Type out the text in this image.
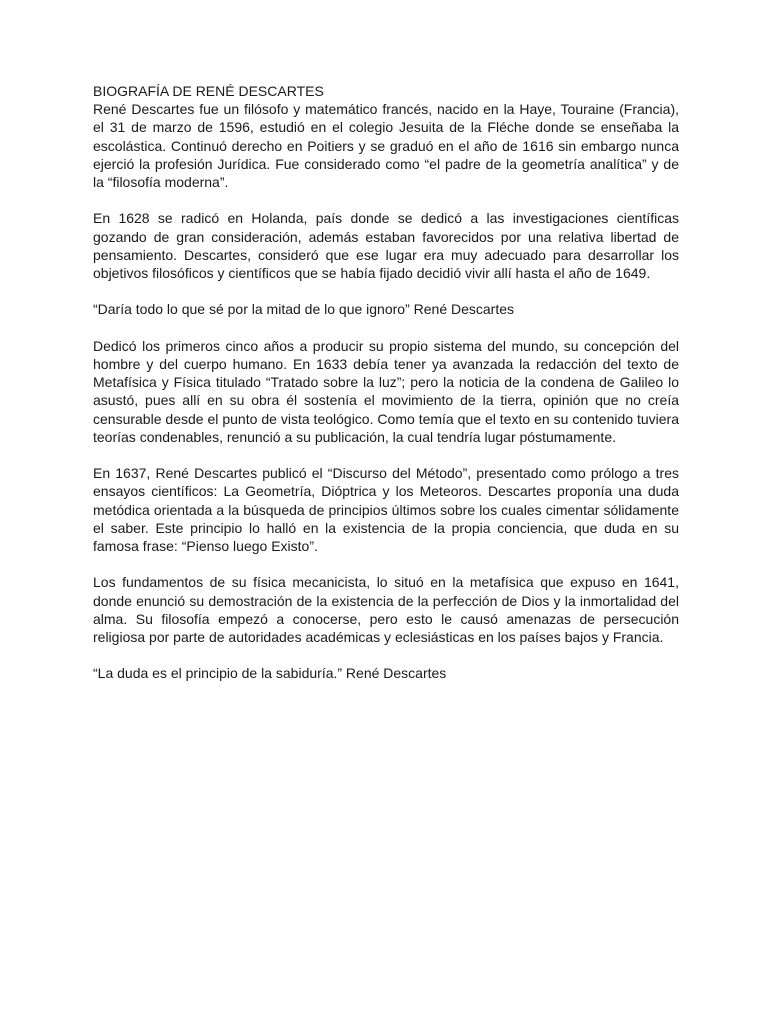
BIOGRAFÍA DE RENÉ DESCARTES

René Descartes fue un filósofo y matemático francés, nacido en la Haye, Touraine (Francia), el 31 de marzo de 1596, estudió en el colegio Jesuita de la Fléche donde se enseñaba la escolástica. Continuó derecho en Poitiers y se graduó en el año de 1616 sin embargo nunca ejerció la profesión Jurídica. Fue considerado como “el padre de la geometría analítica” y de la “filosofía moderna”.

En 1628 se radicó en Holanda, país donde se dedicó a las investigaciones científicas gozando de gran consideración, además estaban favorecidos por una relativa libertad de pensamiento. Descartes, consideró que ese lugar era muy adecuado para desarrollar los objetivos filosóficos y científicos que se había fijado decidió vivir allí hasta el año de 1649.

“Daría todo lo que sé por la mitad de lo que ignoro” René Descartes

Dedicó los primeros cinco años a producir su propio sistema del mundo, su concepción del hombre y del cuerpo humano. En 1633 debía tener ya avanzada la redacción del texto de Metafísica y Física titulado “Tratado sobre la luz”; pero la noticia de la condena de Galileo lo asustó, pues allí en su obra él sostenía el movimiento de la tierra, opinión que no creía censurable desde el punto de vista teológico. Como temía que el texto en su contenido tuviera teorías condenables, renunció a su publicación, la cual tendría lugar póstumamente.

En 1637, René Descartes publicó el “Discurso del Método”, presentado como prólogo a tres ensayos científicos: La Geometría, Dióptrica y los Meteoros. Descartes proponía una duda metódica orientada a la búsqueda de principios últimos sobre los cuales cimentar sólidamente el saber. Este principio lo halló en la existencia de la propia conciencia, que duda en su famosa frase: “Pienso luego Existo”.

Los fundamentos de su física mecanicista, lo situó en la metafísica que expuso en 1641, donde enunció su demostración de la existencia de la perfección de Dios y la inmortalidad del alma. Su filosofía empezó a conocerse, pero esto le causó amenazas de persecución religiosa por parte de autoridades académicas y eclesiásticas en los países bajos y Francia.

“La duda es el principio de la sabiduría.” René Descartes
